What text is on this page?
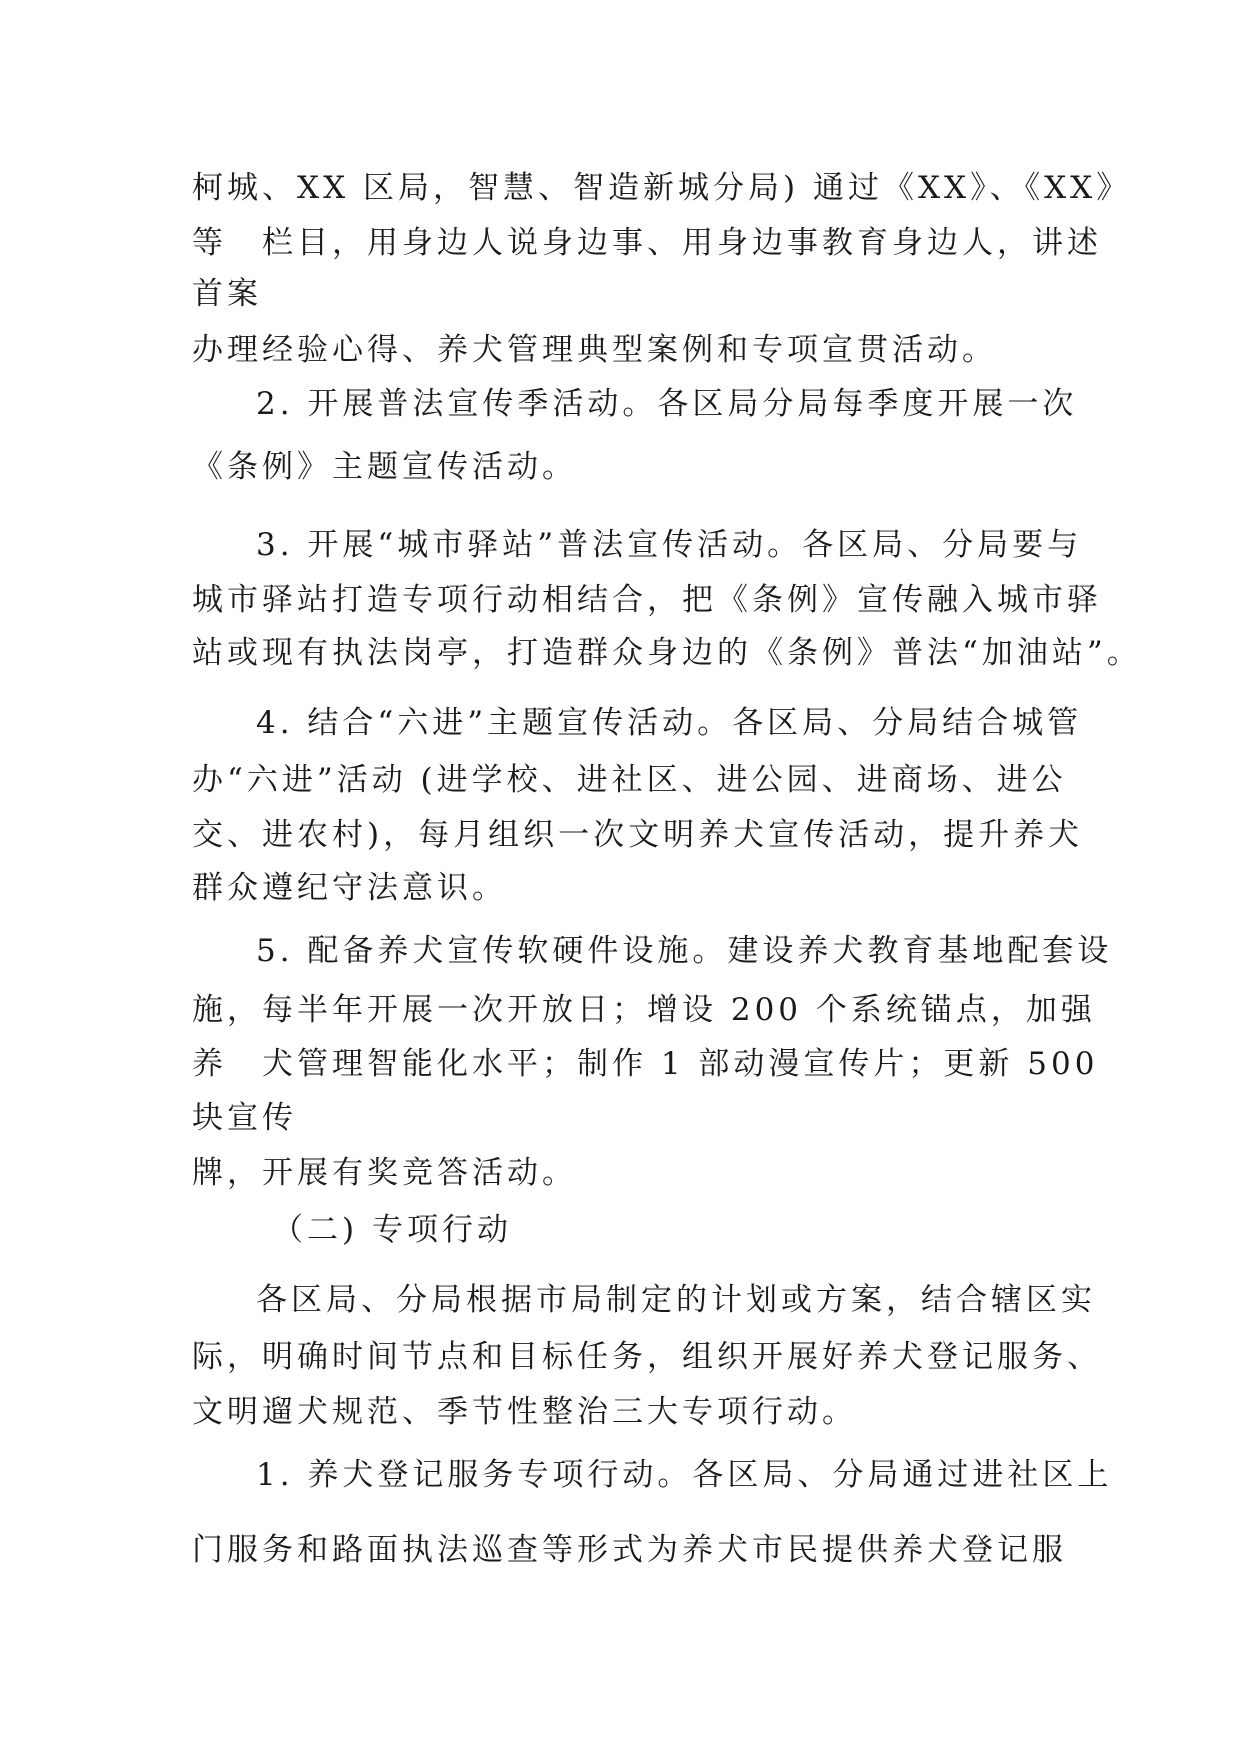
柯城、XX 区局，智慧、智造新城分局) 通过《XX》、《XX》
等　栏目，用身边人说身边事、用身边事教育身边人，讲述
首案
办理经验心得、养犬管理典型案例和专项宣贯活动。
2. 开展普法宣传季活动。各区局分局每季度开展一次
《条例》主题宣传活动。
3. 开展“城市驿站”普法宣传活动。各区局、分局要与
城市驿站打造专项行动相结合，把《条例》宣传融入城市驿
站或现有执法岗亭，打造群众身边的《条例》普法“加油站”。
4. 结合“六进”主题宣传活动。各区局、分局结合城管
办“六进”活动 (进学校、进社区、进公园、进商场、进公
交、进农村)，每月组织一次文明养犬宣传活动，提升养犬
群众遵纪守法意识。
5. 配备养犬宣传软硬件设施。建设养犬教育基地配套设
施，每半年开展一次开放日；增设 200 个系统锚点，加强
养　犬管理智能化水平；制作 1 部动漫宣传片；更新 500
块宣传
牌，开展有奖竞答活动。
（二) 专项行动
各区局、分局根据市局制定的计划或方案，结合辖区实
际，明确时间节点和目标任务，组织开展好养犬登记服务、
文明遛犬规范、季节性整治三大专项行动。
1. 养犬登记服务专项行动。各区局、分局通过进社区上
门服务和路面执法巡查等形式为养犬市民提供养犬登记服
